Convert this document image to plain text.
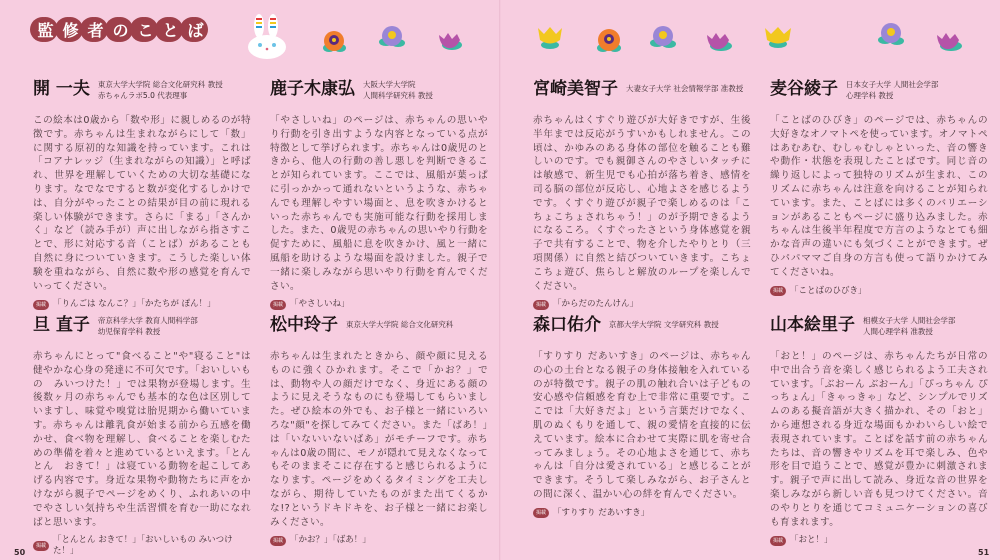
監 修 者 の こ と ば
開 一夫 東京大学大学院 総合文化研究科 教授
赤ちゃんラボ5.0 代表理事
この絵本は0歳から「数や形」に親しめるのが特徴です。赤ちゃんは生まれながらにして「数」に関する原初的な知識を持っています。これは「コアナレッジ（生まれながらの知識）」と呼ばれ、世界を理解していくための大切な基礎になります。なでなですると数が変化するしかけでは、自分がやったことの結果が目の前に現れる楽しい体験ができます。さらに「まる」「さんかく」など（読み手が）声に出しながら指さすことで、形に対応する音（ことば）があることも自然に身についていきます。こうした楽しい体験を重ねながら、自然に数や形の感覚を育んでいってください。
掲載 「りんごは なんこ？」「かたちが ぽん！」
鹿子木康弘 大阪大学大学院
人間科学研究科 教授
「やさしいね」のページは、赤ちゃんの思いやり行動を引き出すような内容となっている点が特徴として挙げられます。赤ちゃんは0歳児のときから、他人の行動の善し悪しを判断できることが知られています。ここでは、風船が葉っぱに引っかかって通れないというような、赤ちゃんでも理解しやすい場面と、息を吹きかけるといった赤ちゃんでも実施可能な行動を採用しました。また、0歳児の赤ちゃんの思いやり行動を促すために、風船に息を吹きかけ、風と一緒に風船を助けるような場面を設けました。親子で一緒に楽しみながら思いやり行動を育んでください。
掲載 「やさしいね」
宮崎美智子 大妻女子大学 社会情報学部 准教授
赤ちゃんはくすぐり遊びが大好きですが、生後半年までは反応がうすいかもしれません。この頃は、かゆみのある身体の部位を触ることも難しいのです。でも親御さんのやさしいタッチには敏感で、新生児でも心拍が落ち着き、感情を司る脳の部位が反応し、心地よさを感じるようです。くすぐり遊びが親子で楽しめるのは「こちょこちょされちゃう！」のが予期できるようになるころ。くすぐったさという身体感覚を親子で共有することで、物を介したやりとり（三項関係）に自然と結びついていきます。こちょこちょ遊び、焦らしと解放のループを楽しんでください。
掲載 「からだのたんけん」
麦谷綾子 日本女子大学 人間社会学部
心理学科 教授
「ことばのひびき」のページでは、赤ちゃんの大好きなオノマトペを使っています。オノマトペはあむあむ、むしゃむしゃといった、音の響きや動作・状態を表現したことばです。同じ音の繰り返しによって独特のリズムが生まれ、このリズムに赤ちゃんは注意を向けることが知られています。また、ことばには多くのバリエーションがあることもページに盛り込みました。赤ちゃんは生後半年程度で方言のようなとても細かな音声の違いにも気づくことができます。ぜひパパママご自身の方言も使って語りかけてみてくださいね。
掲載 「ことばのひびき」
旦 直子 帝京科学大学 教育人間科学部
幼児保育学科 教授
赤ちゃんにとって"食べること"や"寝ること"は健やかな心身の発達に不可欠です。「おいしいもの　みいつけた！」では果物が登場します。生後数ヶ月の赤ちゃんでも基本的な色は区別していますし、味覚や嗅覚は胎児期から働いています。赤ちゃんは離乳食が始まる前から五感を働かせ、食べ物を理解し、食べることを楽しむための準備を着々と進めているといえます。「とんとん　おきて！」は寝ている動物を起こしてあげる内容です。身近な果物や動物たちに声をかけながら親子でページをめくり、ふれあいの中でやさしい気持ちや生活習慣を育む一助になればと思います。
掲載
「とんとん おきて！」「おいしいもの みいつけた！」
松中玲子 東京大学大学院 総合文化研究科
赤ちゃんは生まれたときから、顔や顔に見えるものに強くひかれます。そこで「かお？」では、動物や人の顔だけでなく、身近にある顔のように見えそうなものにも登場してもらいました。ぜひ絵本の外でも、お子様と一緒にいろいろな"顔"を探してみてください。また「ばあ！」は「いないいないばあ」がモチーフです。赤ちゃんは0歳の間に、モノが隠れて見えなくなってもそのままそこに存在すると感じられるようになります。ページをめくるタイミングを工夫しながら、期待していたものがまた出てくるかな!?というドキドキを、お子様と一緒にお楽しみください。
掲載 「かお？」「ばあ！」
森口佑介 京都大学大学院 文学研究科 教授
「すりすり だあいすき」のページは、赤ちゃんの心の土台となる親子の身体接触を入れているのが特徴です。親子の肌の触れ合いは子どもの安心感や信頼感を育む上で非常に重要です。ここでは「大好きだよ」という言葉だけでなく、肌のぬくもりを通して、親の愛情を直接的に伝えています。絵本に合わせて実際に肌を寄せ合ってみましょう。その心地よさを通じて、赤ちゃんは「自分は愛されている」と感じることができます。そうして楽しみながら、お子さんとの間に深く、温かい心の絆を育んでください。
掲載 「すりすり だあいすき」
山本絵里子 相模女子大学 人間社会学部
人間心理学科 准教授
「おと！」のページは、赤ちゃんたちが日常の中で出合う音を楽しく感じられるよう工夫されています。「ぶおーん ぶおーん」「ぴっちゃん ぴっちょん」「きゃっきゃ」など、シンプルでリズムのある擬音語が大きく描かれ、その「おと」から連想される身近な場面もかわいらしい絵で表現されています。ことばを話す前の赤ちゃんたちは、音の響きやリズムを耳で楽しみ、色や形を目で追うことで、感覚が豊かに刺激されます。親子で声に出して読み、身近な音の世界を楽しみながら新しい音も見つけてください。音のやりとりを通じてコミュニケーションの喜びも育まれます。
掲載 「おと！」
50	51
